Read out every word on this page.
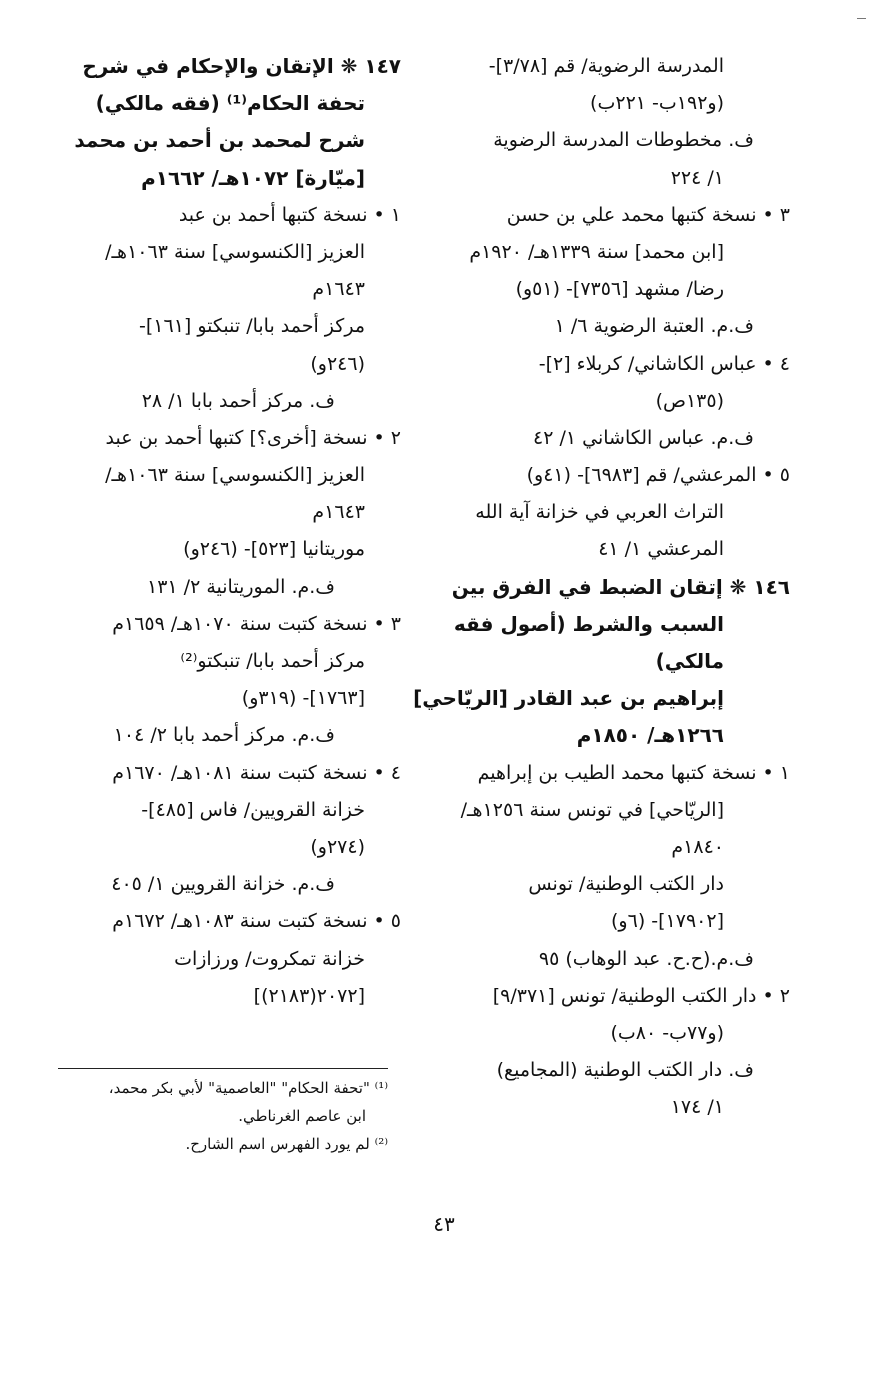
المدرسة الرضوية/ قم [٣/٧٨]-
(و١٩٢ب- ٢٢١ب)
ف. مخطوطات المدرسة الرضوية
١/ ٢٢٤
٣ • نسخة كتبها محمد علي بن حسن
[ابن محمد] سنة ١٣٣٩هـ/ ١٩٢٠م
رضا/ مشهد [٧٣٥٦]- (٥١و)
ف.م. العتبة الرضوية ٦/ ١
٤ • عباس الكاشاني/ كربلاء [٢]-
(١٣٥ص)
ف.م. عباس الكاشاني ١/ ٤٢
٥ • المرعشي/ قم [٦٩٨٣]- (٤١و)
التراث العربي في خزانة آية الله
المرعشي ١/ ٤١
١٤٦ ❋ إتقان الضبط في الفرق بين
السبب والشرط (أصول فقه
مالكي)
إبراهيم بن عبد القادر [الريّاحي]
١٢٦٦هـ/ ١٨٥٠م
١ • نسخة كتبها محمد الطيب بن إبراهيم
[الريّاحي] في تونس سنة ١٢٥٦هـ/
١٨٤٠م
دار الكتب الوطنية/ تونس
[١٧٩٠٢]- (٦و)
ف.م.(ح.ح. عبد الوهاب) ٩٥
٢ • دار الكتب الوطنية/ تونس [٩/٣٧١]
(و٧٧ب- ٨٠ب)
ف. دار الكتب الوطنية (المجاميع)
١/ ١٧٤
١٤٧ ❋ الإتقان والإحكام في شرح
تحفة الحكام⁽¹⁾ (فقه مالكي)
شرح لمحمد بن أحمد بن محمد
[ميّارة] ١٠٧٢هـ/ ١٦٦٢م
١ • نسخة كتبها أحمد بن عبد
العزيز [الكنسوسي] سنة ١٠٦٣هـ/
١٦٤٣م
مركز أحمد بابا/ تنبكتو [١٦١]-
(٢٤٦و)
ف. مركز أحمد بابا ١/ ٢٨
٢ • نسخة [أخرى؟] كتبها أحمد بن عبد
العزيز [الكنسوسي] سنة ١٠٦٣هـ/
١٦٤٣م
موريتانيا [٥٢٣]- (٢٤٦و)
ف.م. الموريتانية ٢/ ١٣١
٣ • نسخة كتبت سنة ١٠٧٠هـ/ ١٦٥٩م
مركز أحمد بابا/ تنبكتو⁽²⁾
[١٧٦٣]- (٣١٩و)
ف.م. مركز أحمد بابا ٢/ ١٠٤
٤ • نسخة كتبت سنة ١٠٨١هـ/ ١٦٧٠م
خزانة القرويين/ فاس [٤٨٥]-
(٢٧٤و)
ف.م. خزانة القرويين ١/ ٤٠٥
٥ • نسخة كتبت سنة ١٠٨٣هـ/ ١٦٧٢م
خزانة تمكروت/ ورزازات
[٢٠٧٢(٢١٨٣)]
⁽¹⁾ "تحفة الحكام" "العاصمية" لأبي بكر محمد،
ابن عاصم الغرناطي.
⁽²⁾ لم يورد الفهرس اسم الشارح.
٤٣
